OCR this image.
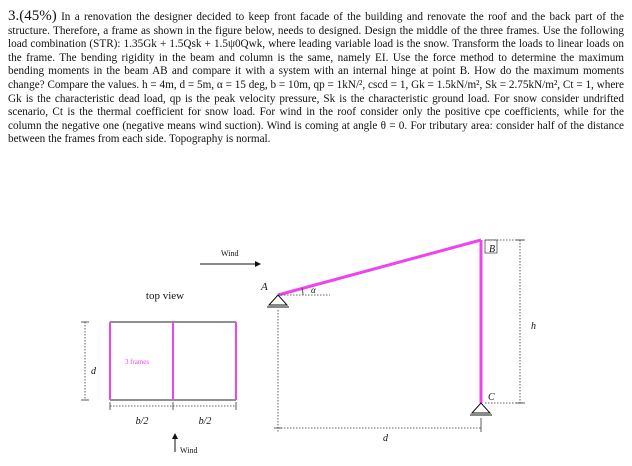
3.(45%) In a renovation the designer decided to keep front facade of the building and renovate the roof and the back part of the structure. Therefore, a frame as shown in the figure below, needs to designed. Design the middle of the three frames. Use the following load combination (STR): 1.35Gk + 1.5Qsk + 1.5ψ0Qwk, where leading variable load is the snow. Transform the loads to linear loads on the frame. The bending rigidity in the beam and column is the same, namely EI. Use the force method to determine the maximum bending moments in the beam AB and compare it with a system with an internal hinge at point B. How do the maximum moments change? Compare the values. h = 4m, d = 5m, α = 15 deg, b = 10m, qp = 1kN/², cscd = 1, Gk = 1.5kN/m², Sk = 2.75kN/m², Ct = 1, where Gk is the characteristic dead load, qp is the peak velocity pressure, Sk is the characteristic ground load. For snow consider undrifted scenario, Ct is the thermal coefficient for snow load. For wind in the roof consider only the positive cpe coefficients, while for the column the negative one (negative means wind suction). Wind is coming at angle θ = 0. For tributary area: consider half of the distance between the frames from each side. Topography is normal.
top view
3 frames
d
b/2	b/2
Wind
Wind
A
B
C
α
h
d
